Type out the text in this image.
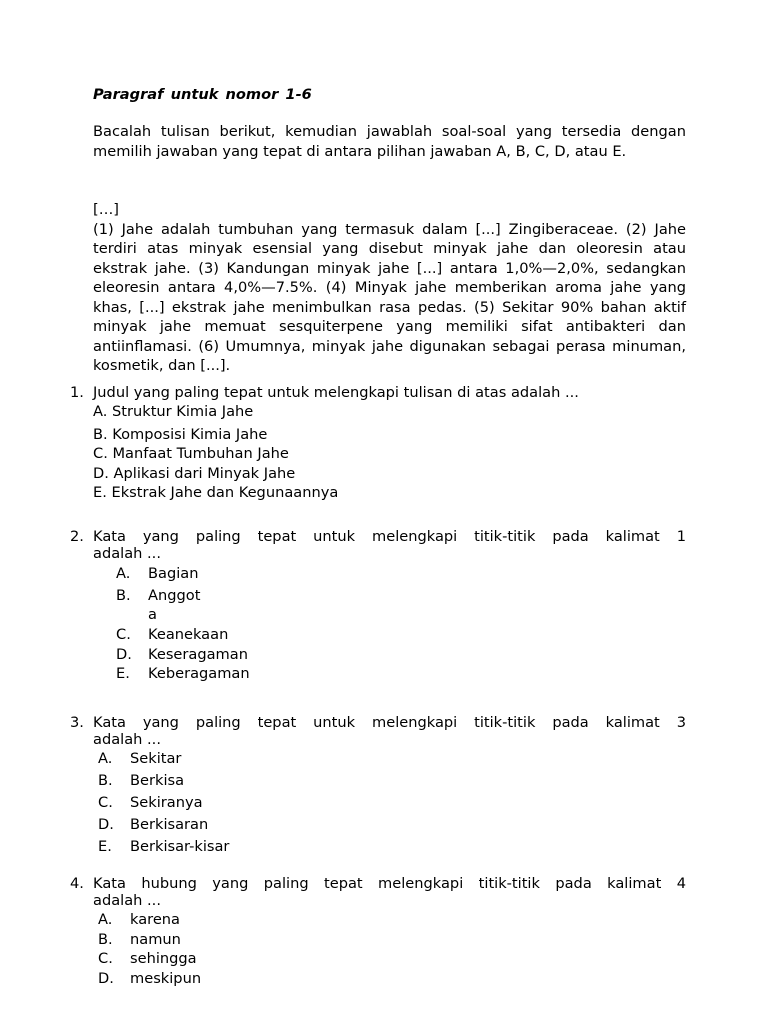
Paragraf untuk nomor 1-6
Bacalah tulisan berikut, kemudian jawablah soal-soal yang tersedia dengan memilih jawaban yang tepat di antara pilihan jawaban A, B, C, D, atau E.
[…]
(1) Jahe adalah tumbuhan yang termasuk dalam [...] Zingiberaceae. (2) Jahe terdiri atas minyak esensial yang disebut minyak jahe dan oleoresin atau ekstrak jahe. (3) Kandungan minyak jahe [...] antara 1,0%—2,0%, sedangkan eleoresin antara 4,0%—7.5%. (4) Minyak jahe memberikan aroma jahe yang khas, [...] ekstrak jahe menimbulkan rasa pedas. (5) Sekitar 90% bahan aktif minyak jahe memuat sesquiterpene yang memiliki sifat antibakteri dan antiinflamasi. (6) Umumnya, minyak jahe digunakan sebagai perasa minuman, kosmetik, dan [...].
1. Judul yang paling tepat untuk melengkapi tulisan di atas adalah ...
A. Struktur Kimia Jahe
B. Komposisi Kimia Jahe
C. Manfaat Tumbuhan Jahe
D. Aplikasi dari Minyak Jahe
E. Ekstrak Jahe dan Kegunaannya
2. Kata yang paling tepat untuk melengkapi titik-titik pada kalimat 1
adalah ...
A. Bagian
B. Anggot
a
C. Keanekaan
D. Keseragaman
E. Keberagaman
3. Kata yang paling tepat untuk melengkapi titik-titik pada kalimat 3
adalah ...
A. Sekitar
B. Berkisa
C. Sekiranya
D. Berkisaran
E. Berkisar-kisar
4. Kata hubung yang paling tepat melengkapi titik-titik pada kalimat 4
adalah ...
A. karena
B. namun
C. sehingga
D. meskipun
